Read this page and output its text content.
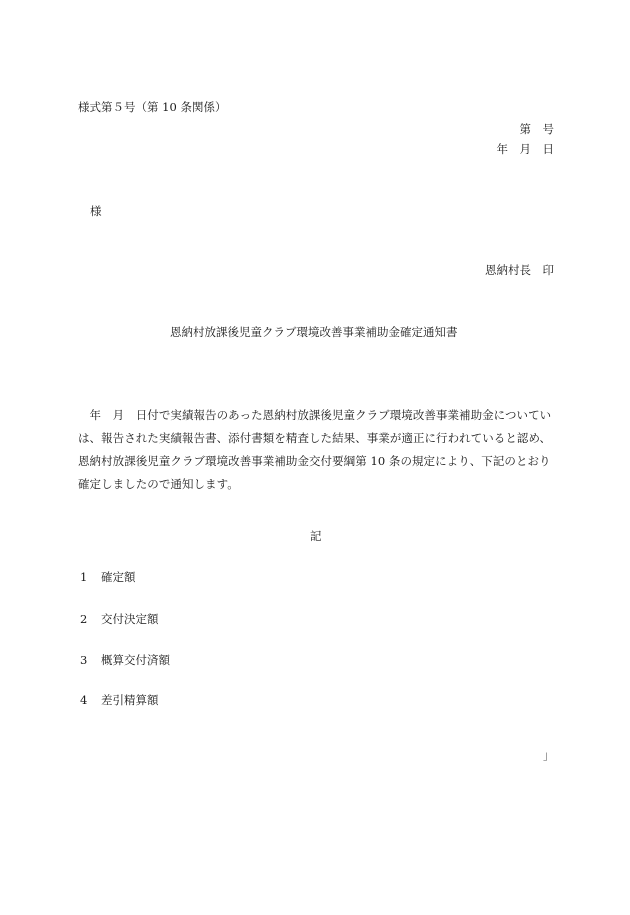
様式第５号（第 10 条関係）
第　号
年　月　日
様
恩納村長　印
恩納村放課後児童クラブ環境改善事業補助金確定通知書
　年　月　日付で実績報告のあった恩納村放課後児童クラブ環境改善事業補助金についてい
は、報告された実績報告書、添付書類を精査した結果、事業が適正に行われていると認め、
恩納村放課後児童クラブ環境改善事業補助金交付要綱第 10 条の規定により、下記のとおり
確定しましたので通知します。
記
1 確定額
2 交付決定額
3 概算交付済額
4 差引精算額
」
